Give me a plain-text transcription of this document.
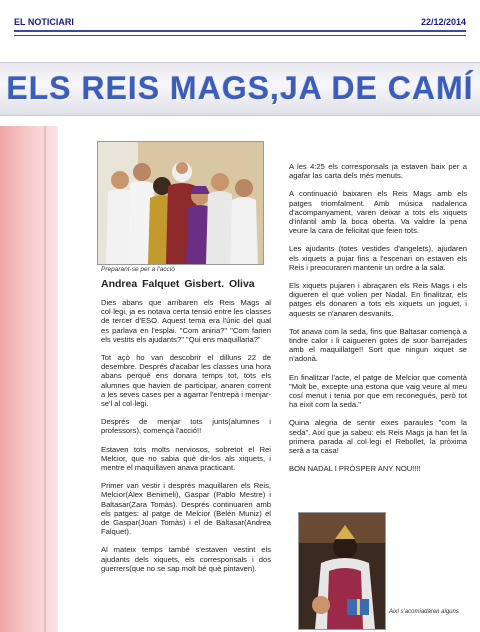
EL NOTICIARI	22/12/2014
ELS REIS MAGS,JA DE CAMÍ
Preparant-se per a l'acció
Andrea Falquet Gisbert. Oliva

Dies abans que arribaren els Reis Mags al col·legi, ja es notava certa tensió entre les classes de tercer d'ESO. Aquest tema era l'únic del qual es parlava en l'esplai. "Com aniria?" "Com farien els vestits els ajudants?" "Qui ens maquillaria?"

Tot açò ho van descobrir el dilluns 22 de desembre. Després d'acabar les classes una hora abans perquè ens donara temps tot, tots els alumnes que havien de participar, anaren corrent a les seves cases per a agarrar l'entrepà i menjar-se'l al col·legi.

Després de menjar tots junts(alumnes i professors), començà l'acció!!

Estaven tots molts nerviosos, sobretot el Rei Melcior, que no sabia què dir-los als xiquets, i mentre el maquillaven anava practicant.

Primer van vestir i després maquillaren els Reis, Melcior(Àlex Benimeli), Gaspar (Pablo Mestre) i Baltasar(Zara Tomàs). Després continuaren amb els patges: al patge de Melcior (Belén Muniz) el de Gaspar(Joan Tomàs) i el de Baltasar(Andrea Falquet).

Al mateix temps també s'estaven vestint els ajudants dels xiquets, els corresponsals i dos guerrers(que no se sap molt bé què pintaven).

A les 4:25 els corresponsals ja estaven baix per a agafar las carta dels més menuts.

A continuació baixaren els Reis Mags amb els patges triomfalment. Amb música nadalenca d'acompanyament, varen deixar a tots els xiquets d'infantil amb la boca oberta. Va valdre la pena veure la cara de felicitat que feien tots.

Les ajudants (totes vestides d'angelets), ajudaren els xiquets a pujar fins a l'escenari on estaven els Reis i preocuraren mantenir un ordre a la sala.

Els xiquets pujaren i abraçaren els Reis Mags i els digueren el que volien per Nadal. En finalitzar, els patges els donaren a tots els xiquets un joguet, i aquests se n'anaren desvanits.

Tot anava com la seda, fins que Baltasar començà a tindre calor i li caigueren gotes de suor barrejades amb el maquillatge!! Sort que ningun xiquet se n'adonà.

En finalitzar l'acte, el patge de Melcior que comentà "Molt be, excepte una estona que vaig veure al meu cosí menut i tenia por que em reconegués, però tot ha eixit com la seda."

Quina alegria de sentir eixes paraules "com la seda". Així que ja sabeu: els Reis Mags ja han fet la primera parada al col·legi el Rebollet, la pròxima serà a ta casa!

BON NADAL I PRÒSPER ANY NOU!!!!

Així s'acomiadaren alguns
